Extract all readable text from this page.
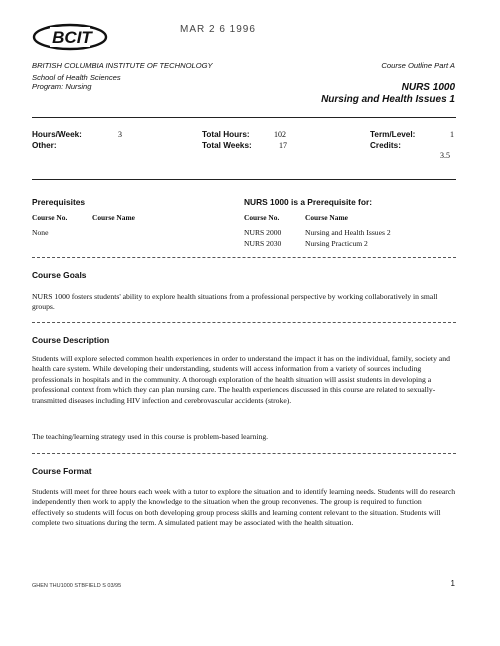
BCIT	MAR 2 6 1996
BRITISH COLUMBIA INSTITUTE OF TECHNOLOGY
School of Health Sciences
Program: Nursing
Course Outline Part A
NURS 1000
Nursing and Health Issues 1
Hours/Week:	3
Other:
Total Hours:	102
Total Weeks:	17
Term/Level:	1
Credits:
3.5
Prerequisites	NURS 1000 is a Prerequisite for:
Course No.	Course Name	Course No.	Course Name
None	NURS 2000	Nursing and Health Issues 2
NURS 2030	Nursing Practicum 2
Course Goals
NURS 1000 fosters students' ability to explore health situations from a professional perspective by working collaboratively in small groups.
Course Description
Students will explore selected common health experiences in order to understand the impact it has on the individual, family, society and health care system. While developing their understanding, students will access information from a variety of sources including professionals in hospitals and in the community. A thorough exploration of the health situation will assist students in developing a professional context from which they can plan nursing care. The health experiences discussed in this course are related to sexually-transmitted diseases including HIV infection and cerebrovascular accidents (stroke).
The teaching/learning strategy used in this course is problem-based learning.
Course Format
Students will meet for three hours each week with a tutor to explore the situation and to identify learning needs. Students will do research independently then work to apply the knowledge to the situation when the group reconvenes. The group is required to function effectively so students will focus on both developing group process skills and learning content relevant to the situation. Students will complete two situations during the term. A simulated patient may be associated with the health situation.
GHEN THU1000 STBFIELD S 03/95	1
